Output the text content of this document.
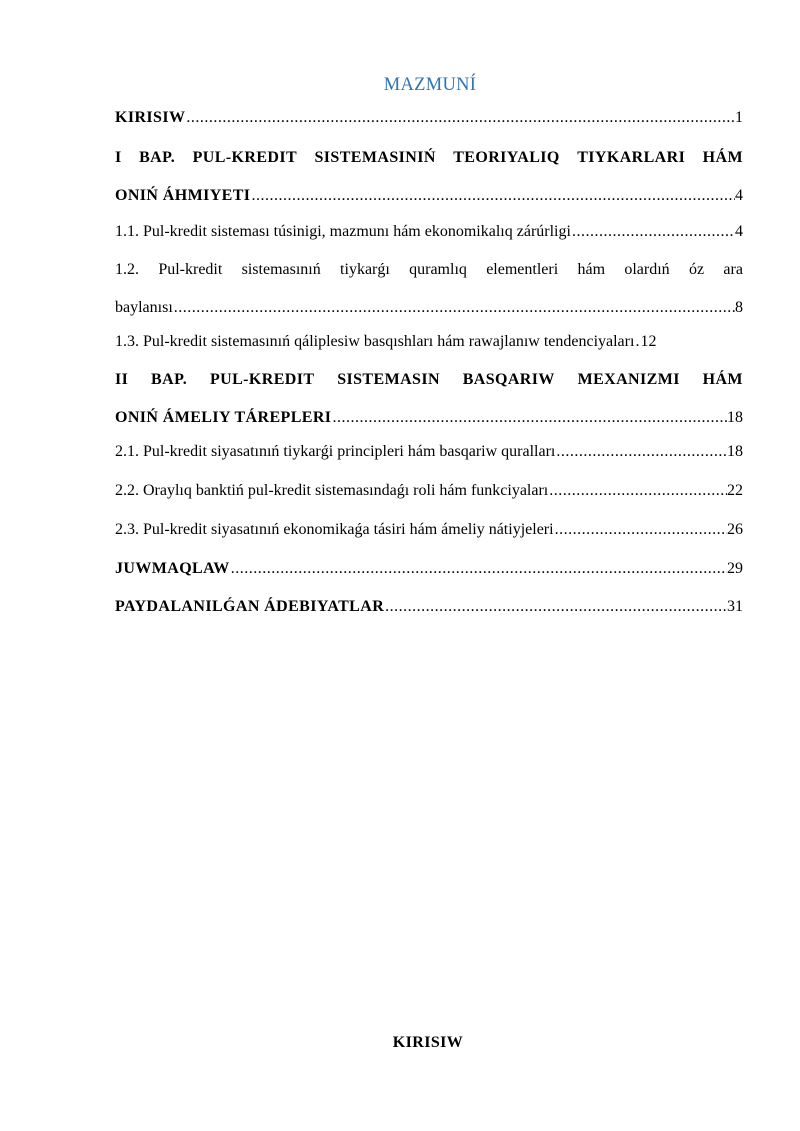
MAZMUNÍ
KIRISIW .....	1
I BAP. PUL-KREDIT SISTEMASINIŃ TEORIYALIQ TIYKARLARI HÁM
ONIŃ ÁHMIYETI .....	4
1.1. Pul-kredit sisteması túsinigi, mazmunı hám ekonomikalıq zárúrligi .....	4
1.2. Pul-kredit sistemasınıń tiykarǵı quramlıq elementleri hám olardıń óz ara
baylanısı .....	8
1.3. Pul-kredit sistemasınıń qáliplesiw basqıshları hám rawajlanıw tendenciyaları ..... 12
II BAP. PUL-KREDIT SISTEMASIN BASQARIW MEXANIZMI HÁM
ONIŃ ÁMELIY TÁREPLERI .....	18
2.1. Pul-kredit siyasatınıń tiykarǵi principleri hám basqariw quralları .....	18
2.2. Oraylıq banktiń pul-kredit sistemasındaǵı roli hám funkciyaları .....	22
2.3. Pul-kredit siyasatınıń ekonomikaǵa tásiri hám ámeliy nátiyjeleri .....	26
JUWMAQLAW .....	29
PAYDALANILǴAN ÁDEBIYATLAR .....	31
KIRISIW
